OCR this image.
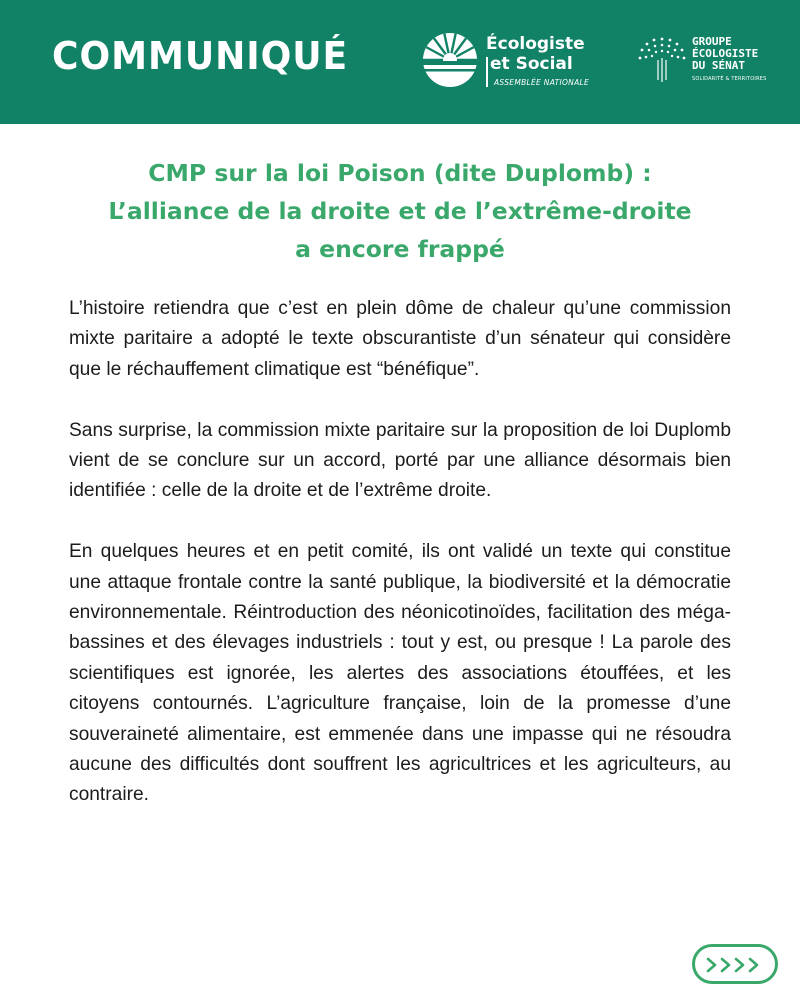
COMMUNIQUÉ	Écologiste
et Social
ASSEMBLÉE NATIONALE
GROUPE
ÉCOLOGISTE
DU SÉNAT
SOLIDARITÉ & TERRITOIRES
CMP sur la loi Poison (dite Duplomb) :
L’alliance de la droite et de l’extrême-droite
a encore frappé

L’histoire retiendra que c’est en plein dôme de chaleur qu’une commission mixte paritaire a adopté le texte obscurantiste d’un sénateur qui considère que le réchauffement climatique est “bénéfique”.

Sans surprise, la commission mixte paritaire sur la proposition de loi Duplomb vient de se conclure sur un accord, porté par une alliance désormais bien identifiée : celle de la droite et de l’extrême droite.

En quelques heures et en petit comité, ils ont validé un texte qui constitue une attaque frontale contre la santé publique, la biodiversité et la démocratie environnementale. Réintroduction des néonicotinoïdes, facilitation des méga-bassines et des élevages industriels : tout y est, ou presque ! La parole des scientifiques est ignorée, les alertes des associations étouffées, et les citoyens contournés. L’agriculture française, loin de la promesse d’une souveraineté alimentaire, est emmenée dans une impasse qui ne résoudra aucune des difficultés dont souffrent les agricultrices et les agriculteurs, au contraire.
